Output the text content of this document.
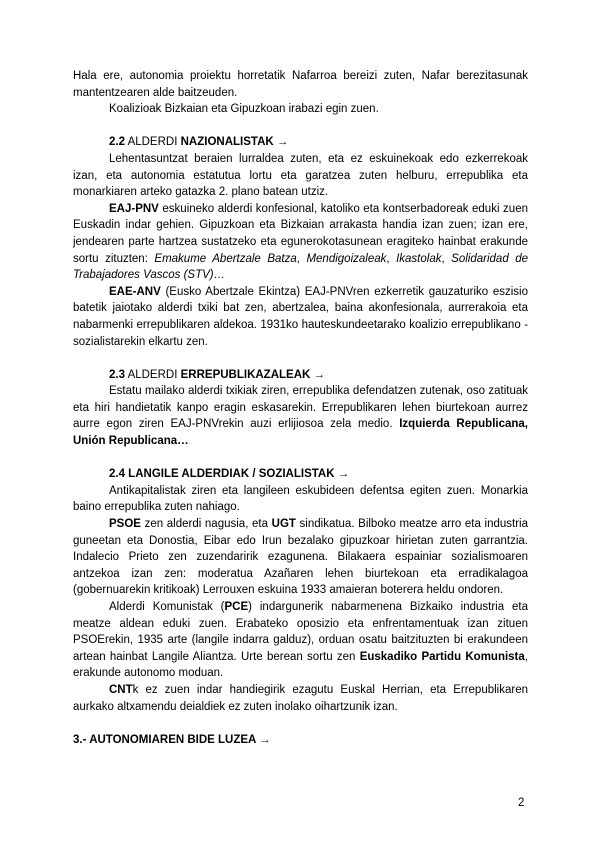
Hala ere, autonomia proiektu horretatik Nafarroa bereizi zuten, Nafar berezitasunak mantentzearen alde baitzeuden.

Koalizioak Bizkaian eta Gipuzkoan irabazi egin zuen.

2.2 ALDERDI NAZIONALISTAK →

Lehentasuntzat beraien lurraldea zuten, eta ez eskuinekoak edo ezkerrekoak izan, eta autonomia estatutua lortu eta garatzea zuten helburu, errepublika eta monarkiaren arteko gatazka 2. plano batean utziz.

EAJ-PNV eskuineko alderdi konfesional, katoliko eta kontserbadoreak eduki zuen Euskadin indar gehien. Gipuzkoan eta Bizkaian arrakasta handia izan zuen; izan ere, jendearen parte hartzea sustatzeko eta egunerokotasunean eragiteko hainbat erakunde sortu zituzten: Emakume Abertzale Batza, Mendigoizaleak, Ikastolak, Solidaridad de Trabajadores Vascos (STV)…

EAE-ANV (Eusko Abertzale Ekintza) EAJ-PNVren ezkerretik gauzaturiko eszisio batetik jaiotako alderdi txiki bat zen, abertzalea, baina akonfesionala, aurrerakoia eta nabarmenki errepublikaren aldekoa. 1931ko hauteskundeetarako koalizio errepublikano - sozialistarekin elkartu zen.

2.3 ALDERDI ERREPUBLIKAZALEAK →

Estatu mailako alderdi txikiak ziren, errepublika defendatzen zutenak, oso zatituak eta hiri handietatik kanpo eragin eskasarekin. Errepublikaren lehen biurtekoan aurrez aurre egon ziren EAJ-PNVrekin auzi erlijiosoa zela medio. Izquierda Republicana, Unión Republicana…

2.4 LANGILE ALDERDIAK / SOZIALISTAK →

Antikapitalistak ziren eta langileen eskubideen defentsa egiten zuen. Monarkia baino errepublika zuten nahiago.

PSOE zen alderdi nagusia, eta UGT sindikatua. Bilboko meatze arro eta industria guneetan eta Donostia, Eibar edo Irun bezalako gipuzkoar hirietan zuten garrantzia. Indalecio Prieto zen zuzendaririk ezagunena. Bilakaera espainiar sozialismoaren antzekoa izan zen: moderatua Azañaren lehen biurtekoan eta erradikalagoa (gobernuarekin kritikoak) Lerrouxen eskuina 1933 amaieran boterera heldu ondoren.

Alderdi Komunistak (PCE) indargunerik nabarmenena Bizkaiko industria eta meatze aldean eduki zuen. Erabateko oposizio eta enfrentamentuak izan zituen PSOErekin, 1935 arte (langile indarra galduz), orduan osatu baitzituzten bi erakundeen artean hainbat Langile Aliantza. Urte berean sortu zen Euskadiko Partidu Komunista, erakunde autonomo moduan.

CNTk ez zuen indar handiegirik ezagutu Euskal Herrian, eta Errepublikaren aurkako altxamendu deialdiek ez zuten inolako oihartzunik izan.

3.- AUTONOMIAREN BIDE LUZEA →

2
